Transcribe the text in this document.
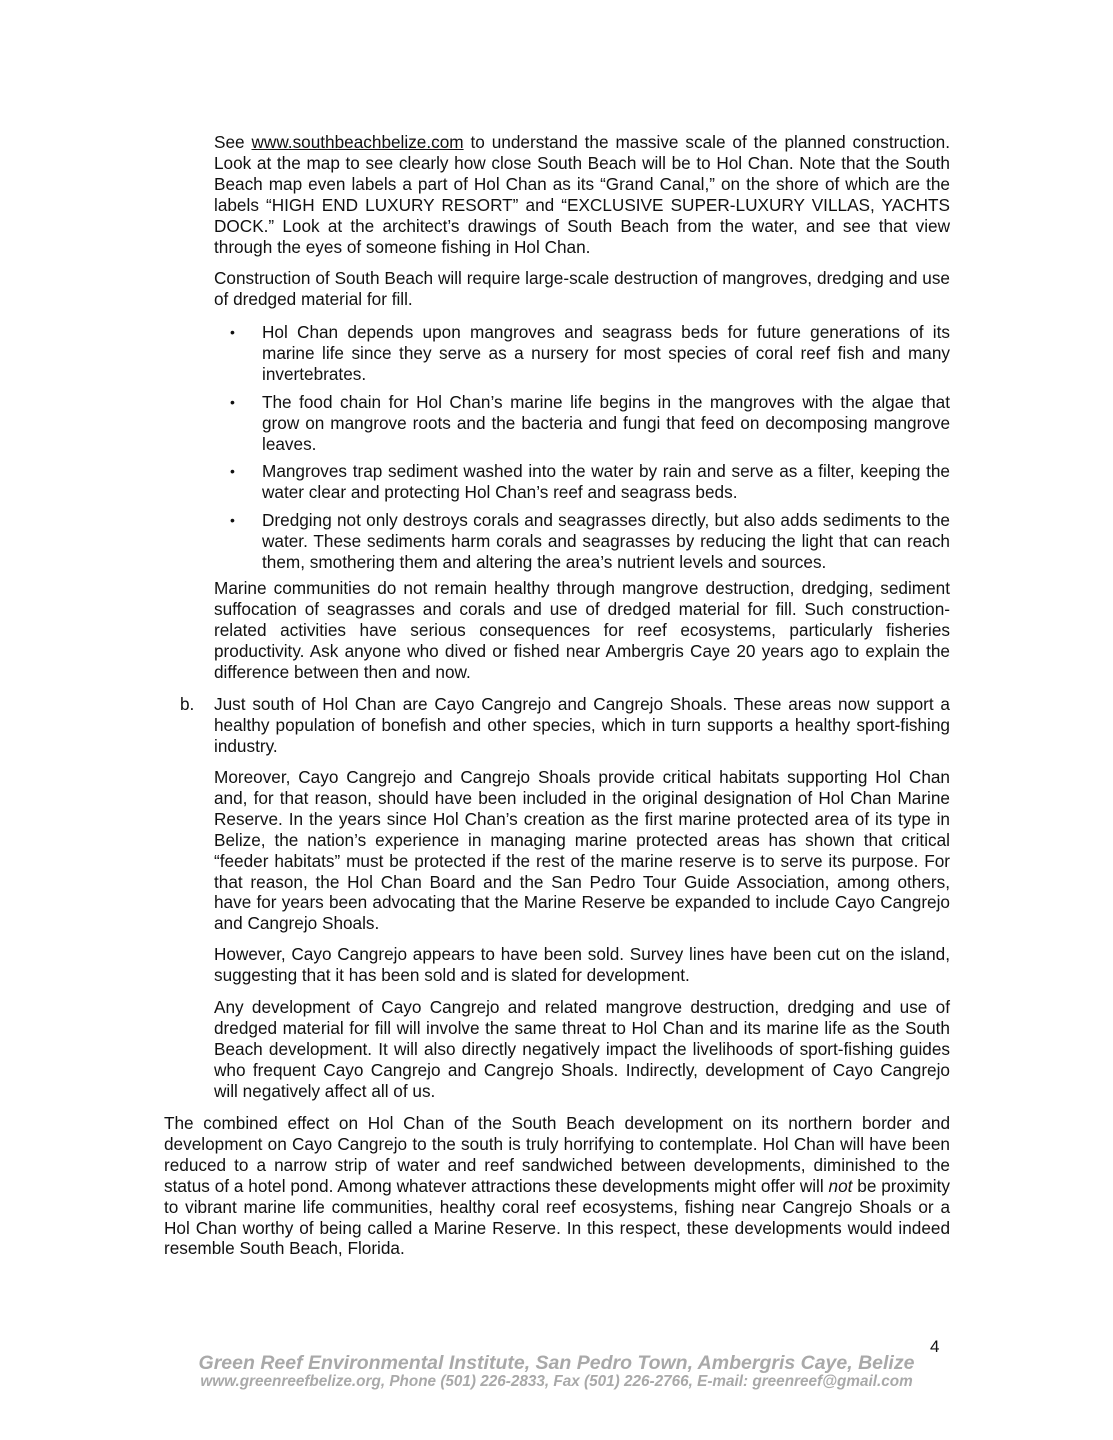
See www.southbeachbelize.com to understand the massive scale of the planned construction. Look at the map to see clearly how close South Beach will be to Hol Chan. Note that the South Beach map even labels a part of Hol Chan as its “Grand Canal,” on the shore of which are the labels “HIGH END LUXURY RESORT” and “EXCLUSIVE SUPER-LUXURY VILLAS, YACHTS DOCK.” Look at the architect’s drawings of South Beach from the water, and see that view through the eyes of someone fishing in Hol Chan.

Construction of South Beach will require large-scale destruction of mangroves, dredging and use of dredged material for fill.

• Hol Chan depends upon mangroves and seagrass beds for future generations of its marine life since they serve as a nursery for most species of coral reef fish and many invertebrates.

• The food chain for Hol Chan’s marine life begins in the mangroves with the algae that grow on mangrove roots and the bacteria and fungi that feed on decomposing mangrove leaves.

• Mangroves trap sediment washed into the water by rain and serve as a filter, keeping the water clear and protecting Hol Chan’s reef and seagrass beds.

• Dredging not only destroys corals and seagrasses directly, but also adds sediments to the water. These sediments harm corals and seagrasses by reducing the light that can reach them, smothering them and altering the area’s nutrient levels and sources.

Marine communities do not remain healthy through mangrove destruction, dredging, sediment suffocation of seagrasses and corals and use of dredged material for fill. Such construction-related activities have serious consequences for reef ecosystems, particularly fisheries productivity. Ask anyone who dived or fished near Ambergris Caye 20 years ago to explain the difference between then and now.

b. Just south of Hol Chan are Cayo Cangrejo and Cangrejo Shoals. These areas now support a healthy population of bonefish and other species, which in turn supports a healthy sport-fishing industry.

Moreover, Cayo Cangrejo and Cangrejo Shoals provide critical habitats supporting Hol Chan and, for that reason, should have been included in the original designation of Hol Chan Marine Reserve. In the years since Hol Chan’s creation as the first marine protected area of its type in Belize, the nation’s experience in managing marine protected areas has shown that critical “feeder habitats” must be protected if the rest of the marine reserve is to serve its purpose. For that reason, the Hol Chan Board and the San Pedro Tour Guide Association, among others, have for years been advocating that the Marine Reserve be expanded to include Cayo Cangrejo and Cangrejo Shoals.

However, Cayo Cangrejo appears to have been sold. Survey lines have been cut on the island, suggesting that it has been sold and is slated for development.

Any development of Cayo Cangrejo and related mangrove destruction, dredging and use of dredged material for fill will involve the same threat to Hol Chan and its marine life as the South Beach development. It will also directly negatively impact the livelihoods of sport-fishing guides who frequent Cayo Cangrejo and Cangrejo Shoals. Indirectly, development of Cayo Cangrejo will negatively affect all of us.

The combined effect on Hol Chan of the South Beach development on its northern border and development on Cayo Cangrejo to the south is truly horrifying to contemplate. Hol Chan will have been reduced to a narrow strip of water and reef sandwiched between developments, diminished to the status of a hotel pond. Among whatever attractions these developments might offer will not be proximity to vibrant marine life communities, healthy coral reef ecosystems, fishing near Cangrejo Shoals or a Hol Chan worthy of being called a Marine Reserve. In this respect, these developments would indeed resemble South Beach, Florida.

4
Green Reef Environmental Institute, San Pedro Town, Ambergris Caye, Belize
www.greenreefbelize.org, Phone (501) 226-2833, Fax (501) 226-2766, E-mail: greenreef@gmail.com
